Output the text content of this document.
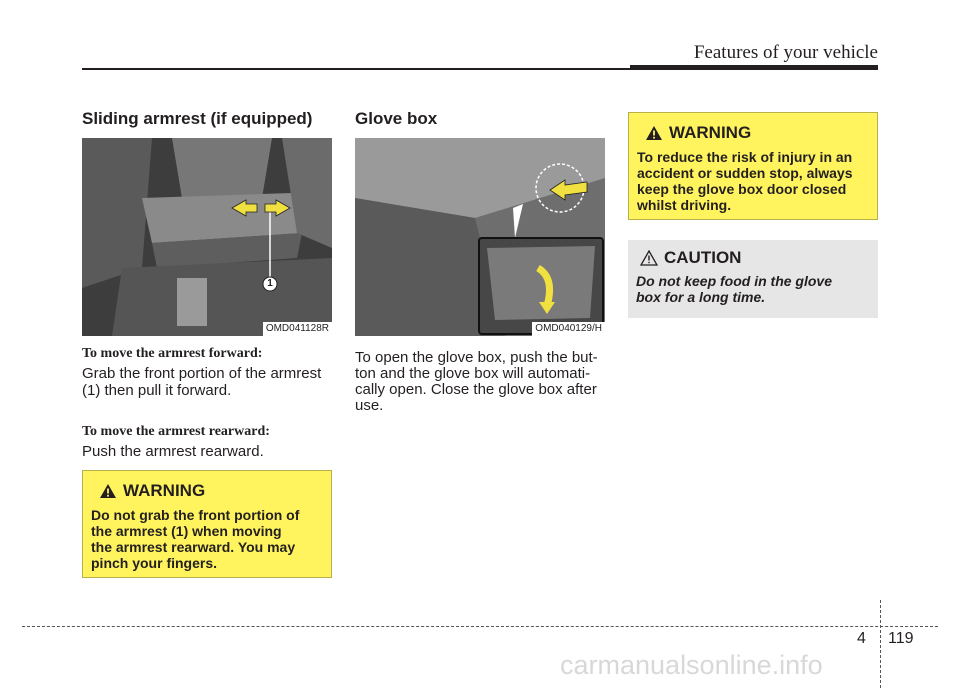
Features of your vehicle
Sliding armrest (if equipped)
1
OMD041128R
To move the armrest forward:
Grab the front portion of the armrest
(1) then pull it forward.
To move the armrest rearward:
Push the armrest rearward.
WARNING
Do not grab the front portion of
the armrest (1) when moving
the armrest rearward. You may
pinch your fingers.
Glove box
OMD040129/H
To open the glove box, push the but-
ton and the glove box will automati-
cally open. Close the glove box after
use.
WARNING
To reduce the risk of injury in an
accident or sudden stop, always
keep the glove box door closed
whilst driving.
CAUTION
Do not keep food in the glove
box for a long time.
4 119
carmanualsonline.info
